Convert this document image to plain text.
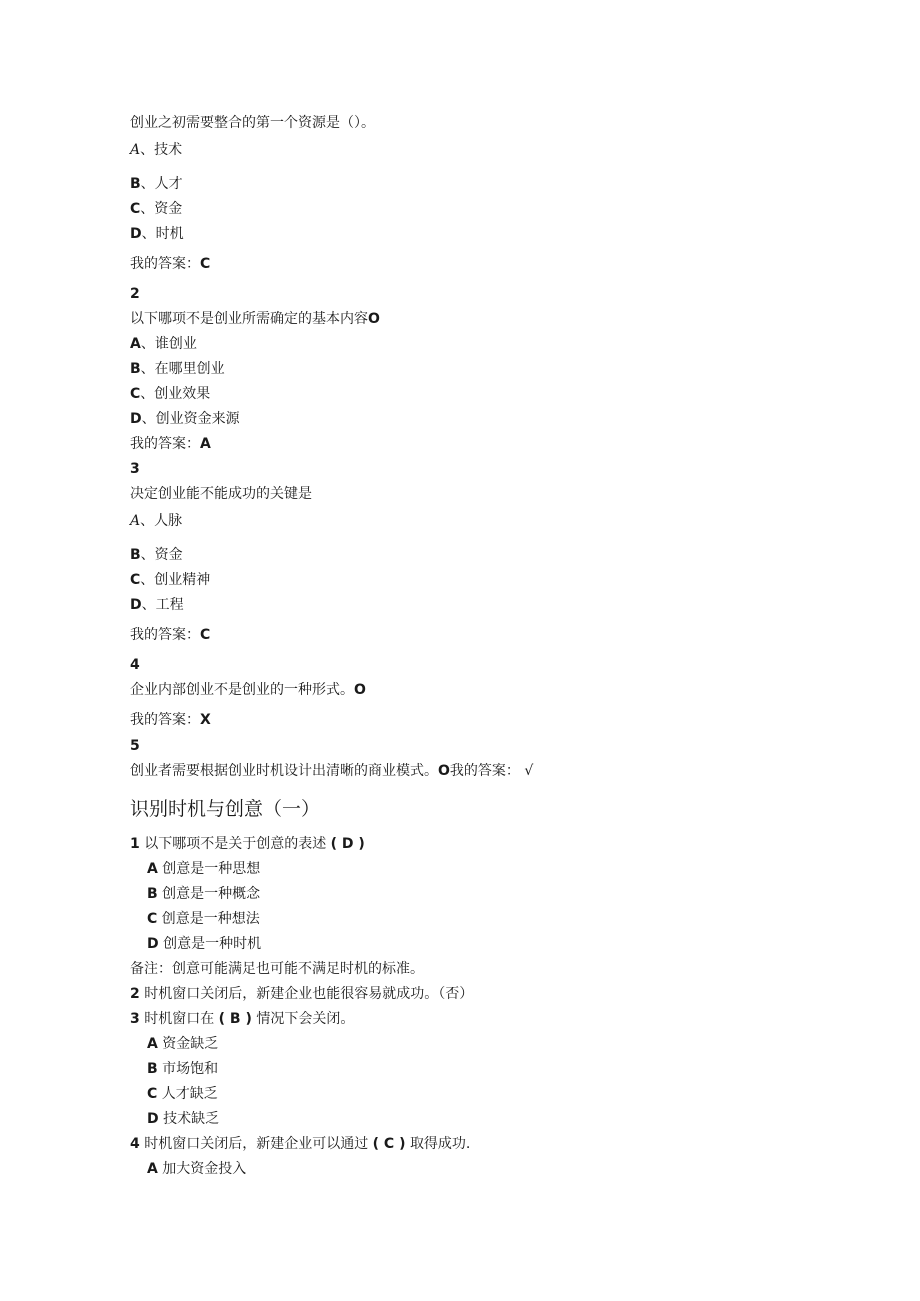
创业之初需要整合的第一个资源是（）。
A、技术
B、人才
C、资金
D、时机
我的答案：C
2
以下哪项不是创业所需确定的基本内容O
A、谁创业
B、在哪里创业
C、创业效果
D、创业资金来源
我的答案：A
3
决定创业能不能成功的关键是
A、人脉
B、资金
C、创业精神
D、工程
我的答案：C
4
企业内部创业不是创业的一种形式。O
我的答案：X
5
创业者需要根据创业时机设计出清晰的商业模式。O我的答案： √
识别时机与创意（一）
1 以下哪项不是关于创意的表述 ( D )
A 创意是一种思想
B 创意是一种概念
C 创意是一种想法
D 创意是一种时机
备注：创意可能满足也可能不满足时机的标准。
2 时机窗口关闭后，新建企业也能很容易就成功。（否）
3 时机窗口在 ( B ) 情况下会关闭。
A 资金缺乏
B 市场饱和
C 人才缺乏
D 技术缺乏
4 时机窗口关闭后，新建企业可以通过 ( C ) 取得成功.
A 加大资金投入
